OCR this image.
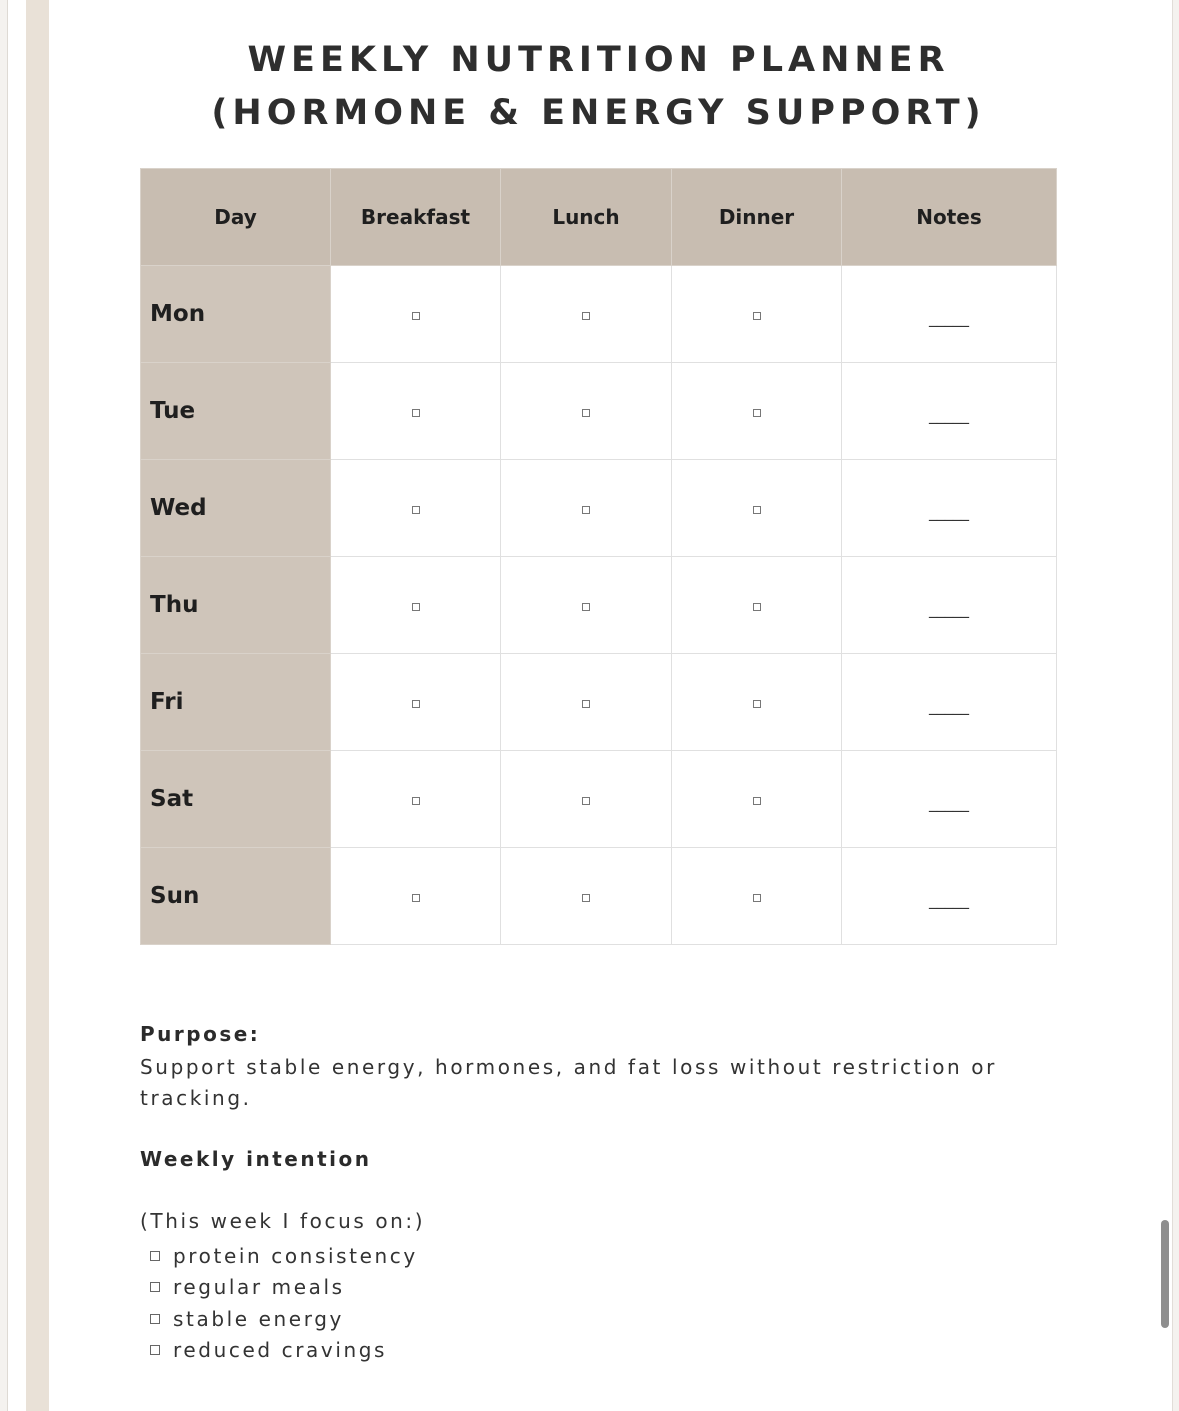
WEEKLY NUTRITION PLANNER
(HORMONE & ENERGY SUPPORT)
Day	Breakfast	Lunch	Dinner	Notes
Mon				_____
Tue				_____
Wed				_____
Thu				_____
Fri				_____
Sat				_____
Sun				_____

Purpose:

Support stable energy, hormones, and fat loss without restriction or tracking.

Weekly intention

(This week I focus on:)

protein consistency
regular meals
stable energy
reduced cravings
